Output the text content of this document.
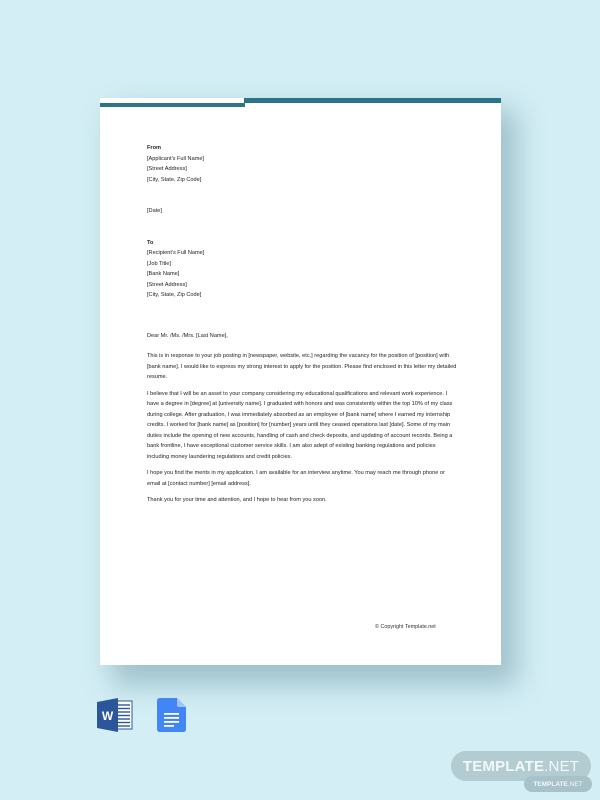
From
[Applicant's Full Name]
[Street Address]
[City, State, Zip Code]
[Date]
To
[Recipient's Full Name]
[Job Title]
[Bank Name]
[Street Address]
[City, State, Zip Code]
Dear Mr. /Ms. /Mrs. [Last Name],

This is in response to your job posting in [newspaper, website, etc.] regarding the vacancy for the position of [position] with [bank name]. I would like to express my strong interest to apply for the position. Please find enclosed in this letter my detailed resume.

I believe that I will be an asset to your company considering my educational qualifications and relevant work experience. I have a degree in [degree] at [university name]. I graduated with honors and was consistently within the top 10% of my class during college. After graduation, I was immediately absorbed as an employee of [bank name] where I earned my internship credits. I worked for [bank name] as [position] for [number] years until they ceased operations last [date]. Some of my main duties include the opening of new accounts, handling of cash and check deposits, and updating of account records. Being a bank frontline, I have exceptional customer service skills. I am also adept of existing banking regulations and policies including money laundering regulations and credit policies.

I hope you find the merits in my application. I am available for an interview anytime. You may reach me through phone or email at [contact number] [email address].

Thank you for your time and attention, and I hope to hear from you soon.

© Copyright Template.net
W
TEMPLATE .NET
TEMPLATE .NET
